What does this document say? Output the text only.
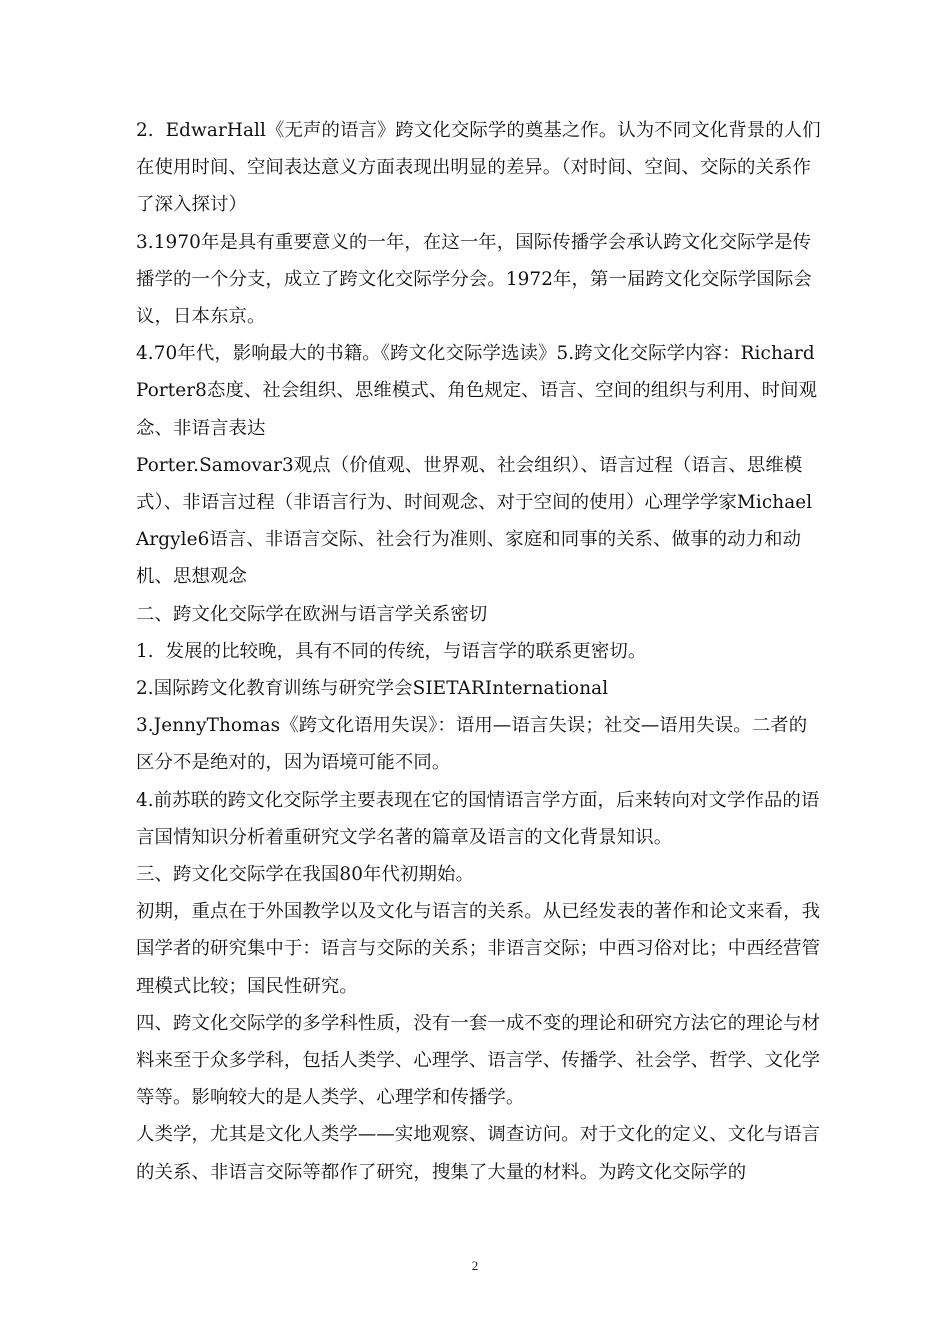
2.  EdwarHall《无声的语言》跨文化交际学的奠基之作。认为不同文化背景的人们在使用时间、空间表达意义方面表现出明显的差异。（对时间、空间、交际的关系作了深入探讨）

3.1970年是具有重要意义的一年，在这一年，国际传播学会承认跨文化交际学是传播学的一个分支，成立了跨文化交际学分会。1972年，第一届跨文化交际学国际会议，日本东京。

4.70年代，影响最大的书籍。《跨文化交际学选读》5.跨文化交际学内容：RichardPorter8态度、社会组织、思维模式、角色规定、语言、空间的组织与利用、时间观念、非语言表达

Porter.Samovar3观点（价值观、世界观、社会组织）、语言过程（语言、思维模式）、非语言过程（非语言行为、时间观念、对于空间的使用）心理学学家MichaelArgyle6语言、非语言交际、社会行为准则、家庭和同事的关系、做事的动力和动机、思想观念

二、跨文化交际学在欧洲与语言学关系密切

1.  发展的比较晚，具有不同的传统，与语言学的联系更密切。

2.国际跨文化教育训练与研究学会SIETARInternational

3.JennyThomas《跨文化语用失误》：语用—语言失误；社交—语用失误。二者的区分不是绝对的，因为语境可能不同。

4.前苏联的跨文化交际学主要表现在它的国情语言学方面，后来转向对文学作品的语言国情知识分析着重研究文学名著的篇章及语言的文化背景知识。

三、跨文化交际学在我国80年代初期始。

初期，重点在于外国教学以及文化与语言的关系。从已经发表的著作和论文来看，我国学者的研究集中于：语言与交际的关系；非语言交际；中西习俗对比；中西经营管理模式比较；国民性研究。

四、跨文化交际学的多学科性质，没有一套一成不变的理论和研究方法它的理论与材料来至于众多学科，包括人类学、心理学、语言学、传播学、社会学、哲学、文化学等等。影响较大的是人类学、心理学和传播学。

人类学，尤其是文化人类学——实地观察、调查访问。对于文化的定义、文化与语言的关系、非语言交际等都作了研究，搜集了大量的材料。为跨文化交际学的

2
